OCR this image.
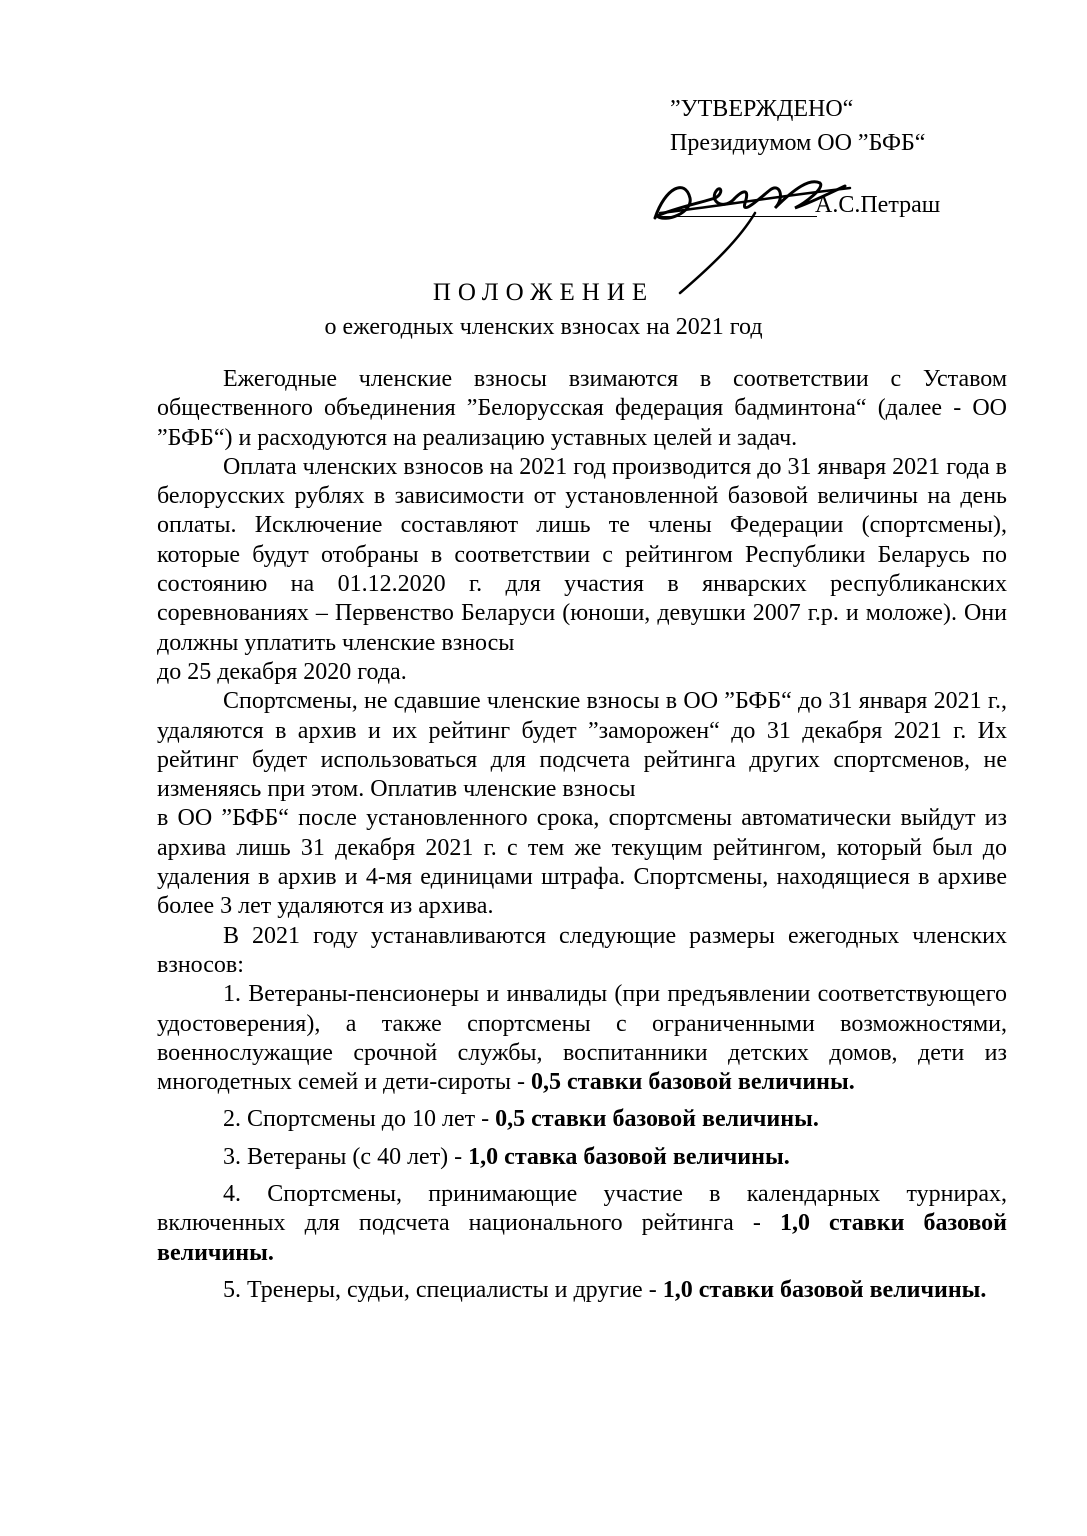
”УТВЕРЖДЕНО“
Президиумом ОО ”БФБ“
А.С.Петраш
ПОЛОЖЕНИЕ
о ежегодных членских взносах на 2021 год

Ежегодные членские взносы взимаются в соответствии с Уставом общественного объединения ”Белорусская федерация бадминтона“ (далее - ОО ”БФБ“) и расходуются на реализацию уставных целей и задач.

Оплата членских взносов на 2021 год производится до 31 января 2021 года в белорусских рублях в зависимости от установленной базовой величины на день оплаты. Исключение составляют лишь те члены Федерации (спортсмены), которые будут отобраны в соответствии с рейтингом Республики Беларусь по состоянию на 01.12.2020 г. для участия в январских республиканских соревнованиях – Первенство Беларуси (юноши, девушки 2007 г.р. и моложе). Они должны уплатить членские взносы

до 25 декабря 2020 года.

Спортсмены, не сдавшие членские взносы в ОО ”БФБ“ до 31 января 2021 г., удаляются в архив и их рейтинг будет ”заморожен“ до 31 декабря 2021 г. Их рейтинг будет использоваться для подсчета рейтинга других спортсменов, не изменяясь при этом. Оплатив членские взносы

в ОО ”БФБ“ после установленного срока, спортсмены автоматически выйдут из архива лишь 31 декабря 2021 г. с тем же текущим рейтингом, который был до удаления в архив и 4-мя единицами штрафа. Спортсмены, находящиеся в архиве более 3 лет удаляются из архива.

В 2021 году устанавливаются следующие размеры ежегодных членских взносов:

1. Ветераны-пенсионеры и инвалиды (при предъявлении соответствующего удостоверения), а также спортсмены с ограниченными возможностями, военнослужащие срочной службы, воспитанники детских домов, дети из многодетных семей и дети-сироты - 0,5 ставки базовой величины.

2. Спортсмены до 10 лет - 0,5 ставки базовой величины.

3. Ветераны (с 40 лет) - 1,0 ставка базовой величины.

4. Спортсмены, принимающие участие в календарных турнирах, включенных для подсчета национального рейтинга - 1,0 ставки базовой величины.

5. Тренеры, судьи, специалисты и другие - 1,0 ставки базовой величины.
